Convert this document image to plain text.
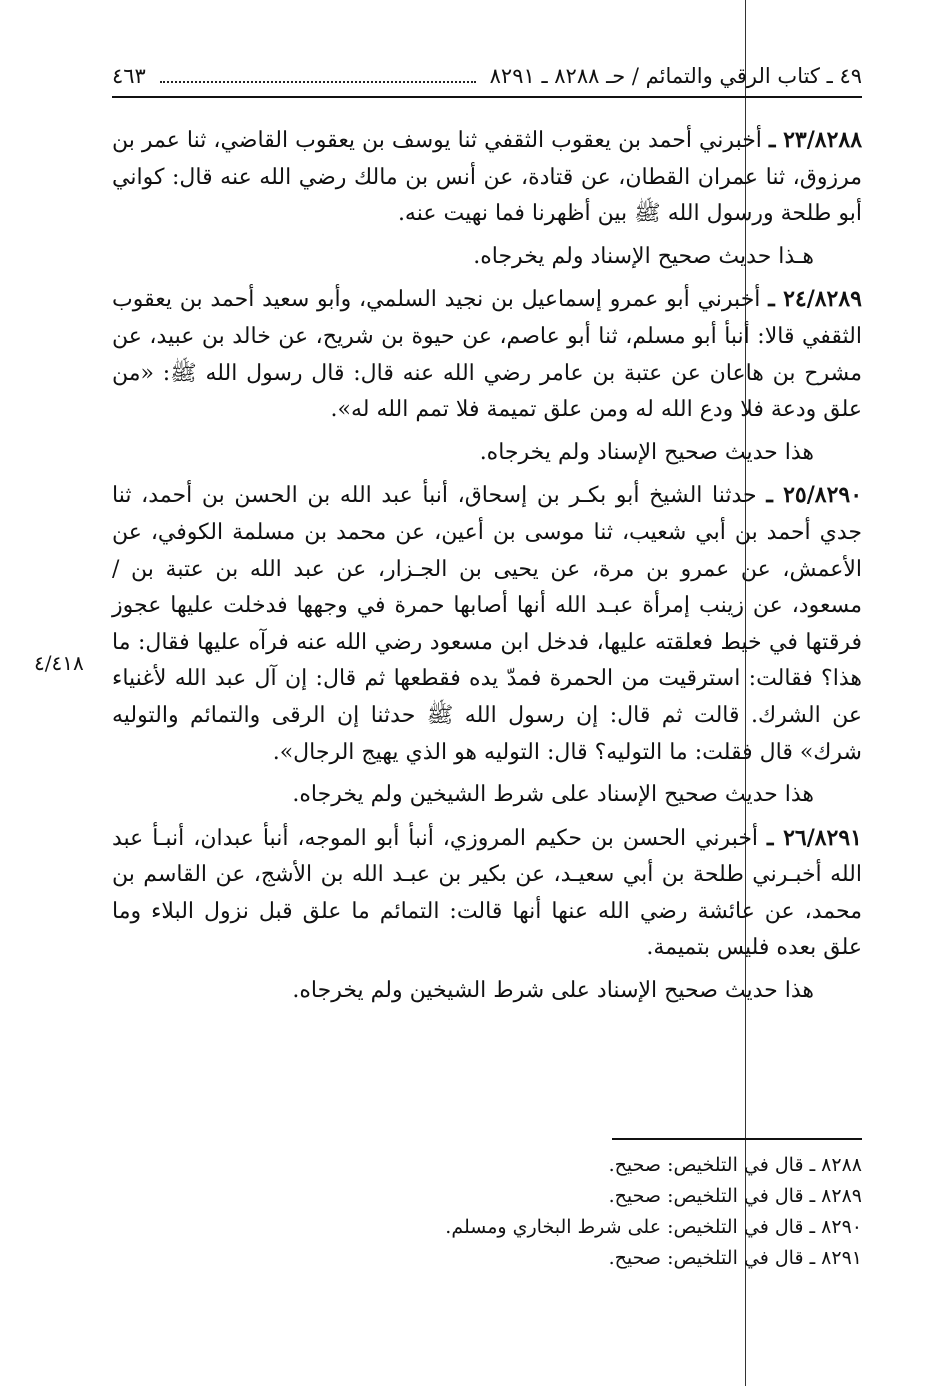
٤٩ ـ كتاب الرقي والتمائم / حـ ٨٢٨٨ ـ ٨٢٩١
٤٦٣

٢٣/٨٢٨٨ ـ أخبرني أحمد بن يعقوب الثقفي ثنا يوسف بن يعقوب القاضي، ثنا عمر بن مرزوق، ثنا عمران القطان، عن قتادة، عن أنس بن مالك رضي الله عنه قال: كواني أبو طلحة ورسول الله ﷺ بين أظهرنا فما نهيت عنه.

هـذا حديث صحيح الإسناد ولم يخرجاه.

٢٤/٨٢٨٩ ـ أخبرني أبو عمرو إسماعيل بن نجيد السلمي، وأبو سعيد أحمد بن يعقوب الثقفي قالا: أنبأ أبو مسلم، ثنا أبو عاصم، عن حيوة بن شريح، عن خالد بن عبيد، عن مشرح بن هاعان عن عتبة بن عامر رضي الله عنه قال: قال رسول الله ﷺ: «من علق ودعة فلا ودع الله له ومن علق تميمة فلا تمم الله له».

هذا حديث صحيح الإسناد ولم يخرجاه.

٢٥/٨٢٩٠ ـ حدثنا الشيخ أبو بكـر بن إسحاق، أنبأ عبد الله بن الحسن بن أحمد، ثنا جدي أحمد بن أبي شعيب، ثنا موسى بن أعين، عن محمد بن مسلمة الكوفي، عن الأعمش، عن عمرو بن مرة، عن يحيى بن الجـزار، عن عبد الله بن عتبة بن / مسعود، عن زينب إمرأة عبـد الله أنها أصابها حمرة في وجهها فدخلت عليها عجوز فرقتها في خيط فعلقته عليها، فدخل ابن مسعود رضي الله عنه فرآه عليها فقال: ما هذا؟ فقالت: استرقيت من الحمرة فمدّ يده فقطعها ثم قال: إن آل عبد الله لأغنياء عن الشرك. قالت ثم قال: إن رسول الله ﷺ حدثنا إن الرقى والتمائم والتوليه شرك» قال فقلت: ما التوليه؟ قال: التوليه هو الذي يهيج الرجال».

هذا حديث صحيح الإسناد على شرط الشيخين ولم يخرجاه.

٢٦/٨٢٩١ ـ أخبرني الحسن بن حكيم المروزي، أنبأ أبو الموجه، أنبأ عبدان، أنبـأ عبد الله أخبـرني طلحة بن أبي سعيـد، عن بكير بن عبـد الله بن الأشج، عن القاسم بن محمد، عن عائشة رضي الله عنها أنها قالت: التمائم ما علق قبل نزول البلاء وما علق بعده فليس بتميمة.

هذا حديث صحيح الإسناد على شرط الشيخين ولم يخرجاه.

٤/٤١٨
٨٢٨٨ ـ قال في التلخيص: صحيح.
٨٢٨٩ ـ قال في التلخيص: صحيح.
٨٢٩٠ ـ قال في التلخيص: على شرط البخاري ومسلم.
٨٢٩١ ـ قال في التلخيص: صحيح.
